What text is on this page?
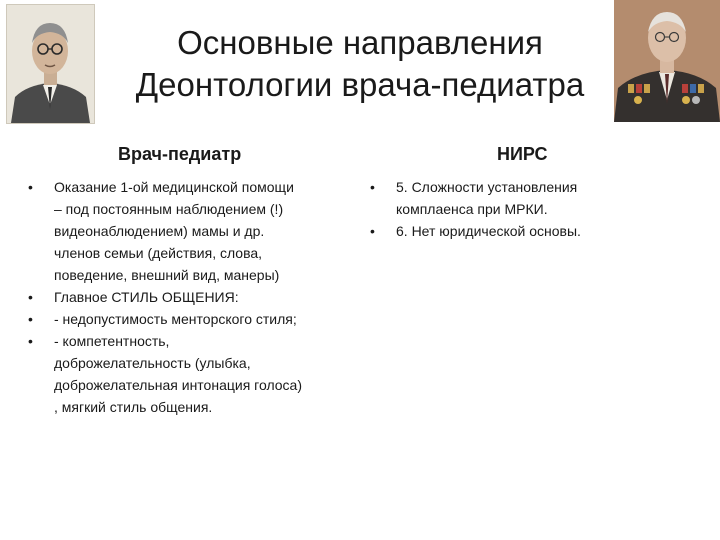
Основные направления
Деонтологии врача-педиатра
Врач-педиатр	НИРС
• Оказание 1-ой медицинской помощи
– под постоянным наблюдением (!)
видеонаблюдением) мамы и др.
членов семьи (действия, слова,
поведение, внешний вид, манеры)
• Главное СТИЛЬ ОБЩЕНИЯ:
• - недопустимость менторского стиля;
• - компетентность,
доброжелательность (улыбка,
доброжелательная интонация голоса)
, мягкий стиль общения.
• 5. Сложности установления
комплаенса при МРКИ.
• 6. Нет юридической основы.
